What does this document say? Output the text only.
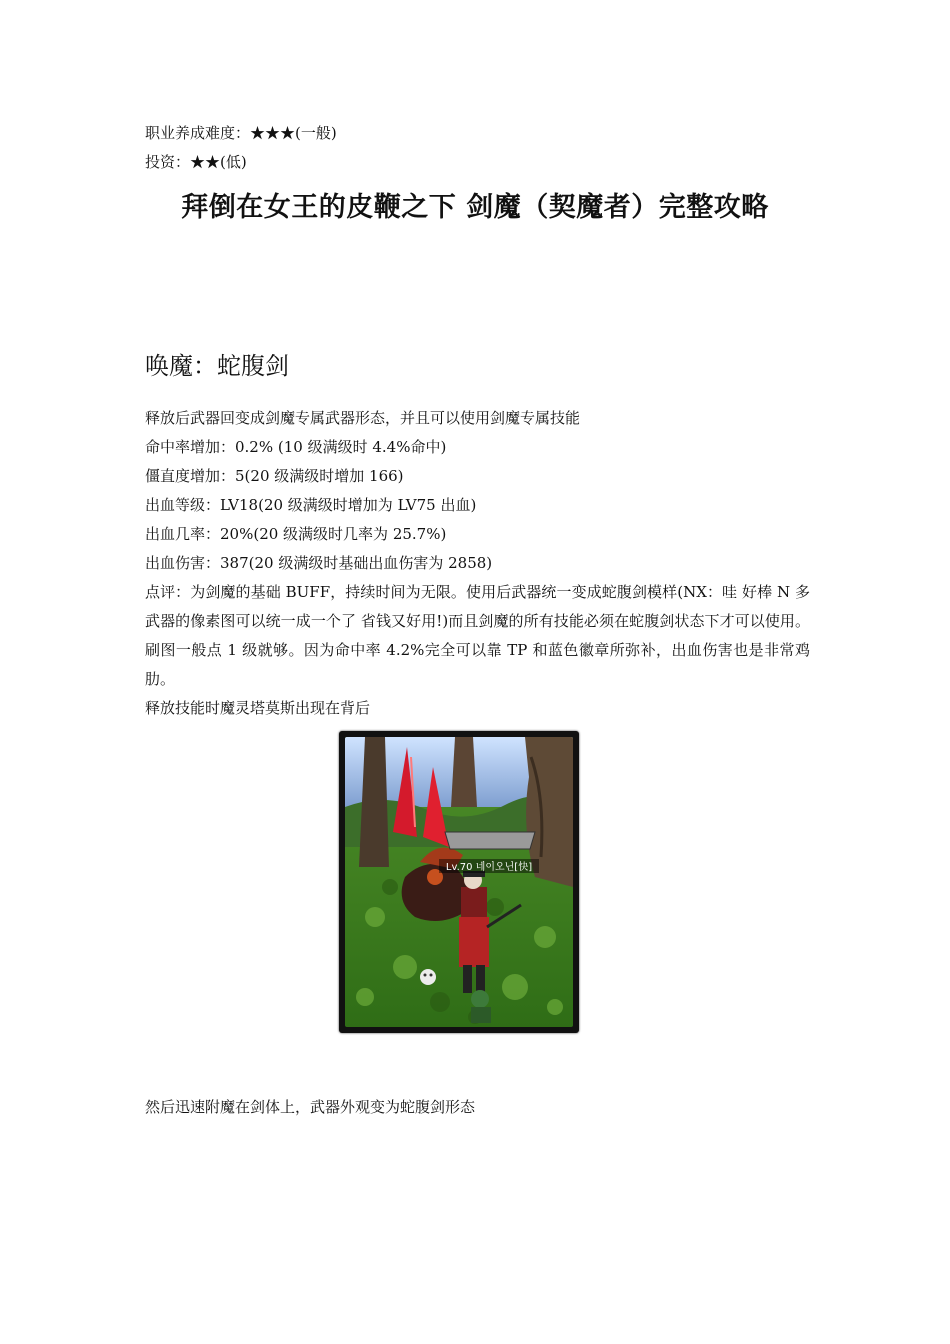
职业养成难度：★★★(一般)
投资：★★(低)
拜倒在女王的皮鞭之下 剑魔（契魔者）完整攻略
唤魔：蛇腹剑

释放后武器回变成剑魔专属武器形态，并且可以使用剑魔专属技能

命中率增加：0.2% (10 级满级时 4.4%命中)

僵直度增加：5(20 级满级时增加 166)

出血等级：LV18(20 级满级时增加为 LV75 出血)

出血几率：20%(20 级满级时几率为 25.7%)

出血伤害：387(20 级满级时基础出血伤害为 2858)

点评：为剑魔的基础 BUFF，持续时间为无限。使用后武器统一变成蛇腹剑模样(NX：哇 好棒 N 多武器的像素图可以统一成一个了 省钱又好用!)而且剑魔的所有技能必须在蛇腹剑状态下才可以使用。刷图一般点 1 级就够。因为命中率 4.2%完全可以靠 TP 和蓝色徽章所弥补，出血伤害也是非常鸡肋。

释放技能时魔灵塔莫斯出现在背后

Lv.70 네이오닌[快]
然后迅速附魔在剑体上，武器外观变为蛇腹剑形态
